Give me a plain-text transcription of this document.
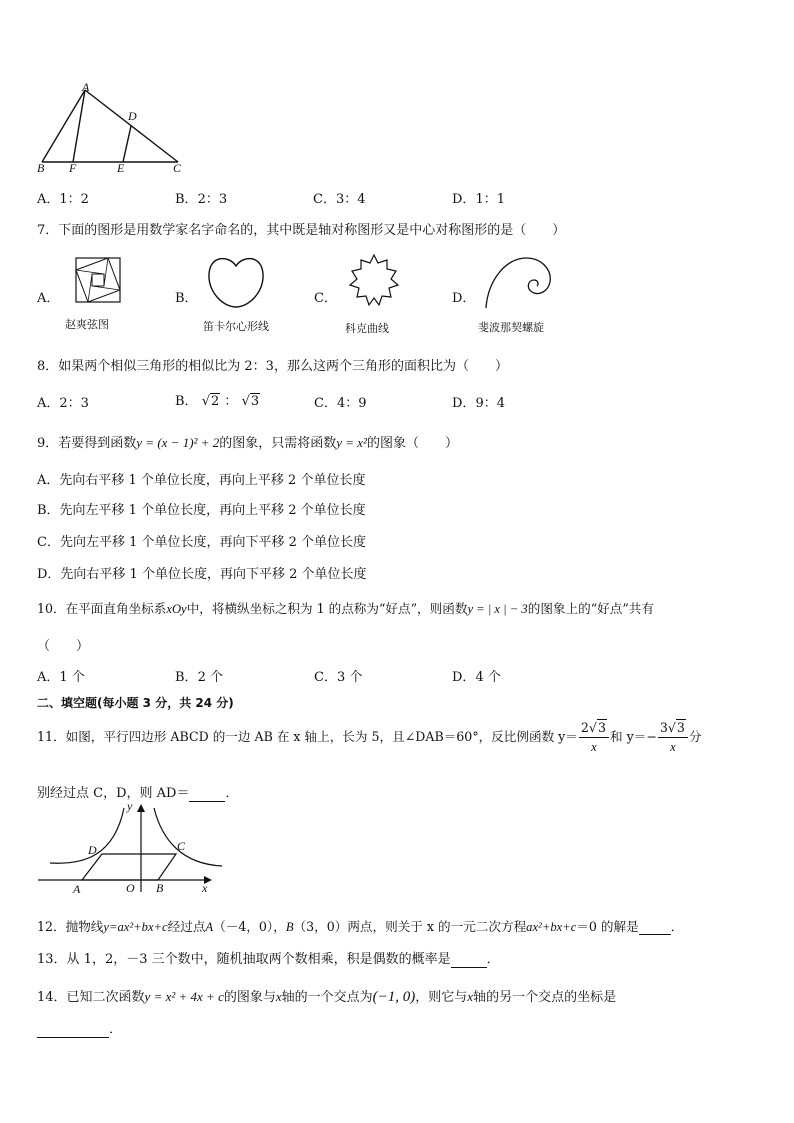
A
D
B F	E	C
A．1：2	B．2：3	C．3：4	D．1：1
7．下面的图形是用数学家名字命名的，其中既是轴对称图形又是中心对称图形的是（　　）
A．
赵爽弦图
B．
笛卡尔心形线
C．
科克曲线
D．
斐波那契螺旋
8．如果两个相似三角形的相似比为 2：3，那么这两个三角形的面积比为（　　）
A．2：3	B． √2 ： √3	C．4：9	D．9：4
9．若要得到函数y = (x − 1)² + 2的图象，只需将函数y = x²的图象（　　）
A．先向右平移 1 个单位长度，再向上平移 2 个单位长度
B．先向左平移 1 个单位长度，再向上平移 2 个单位长度
C．先向左平移 1 个单位长度，再向下平移 2 个单位长度
D．先向右平移 1 个单位长度，再向下平移 2 个单位长度
10．在平面直角坐标系xOy中，将横纵坐标之积为 1 的点称为“好点”，则函数y = | x | − 3的图象上的“好点”共有
（　　）
A．1 个	B．2 个	C．3 个	D．4 个
二、填空题(每小题 3 分，共 24 分)
11．如图，平行四边形 ABCD 的一边 AB 在 x 轴上，长为 5，且∠DAB＝60°，反比例函数 $y= \frac{2√3}{x}$ 和 $y=- \frac{3√3}{x}$ 分
别经过点 C，D，则 AD＝	．
y
x
D	C
A	O B
12．抛物线y=ax²+bx+c经过点A（－4，0），B（3，0）两点，则关于 x 的一元二次方程ax²+bx+c＝0 的解是	．
13．从 1，2，－3 三个数中，随机抽取两个数相乘，积是偶数的概率是	．
14．已知二次函数y = x² + 4x + c的图象与x轴的一个交点为(−1, 0)，则它与x轴的另一个交点的坐标是
．
